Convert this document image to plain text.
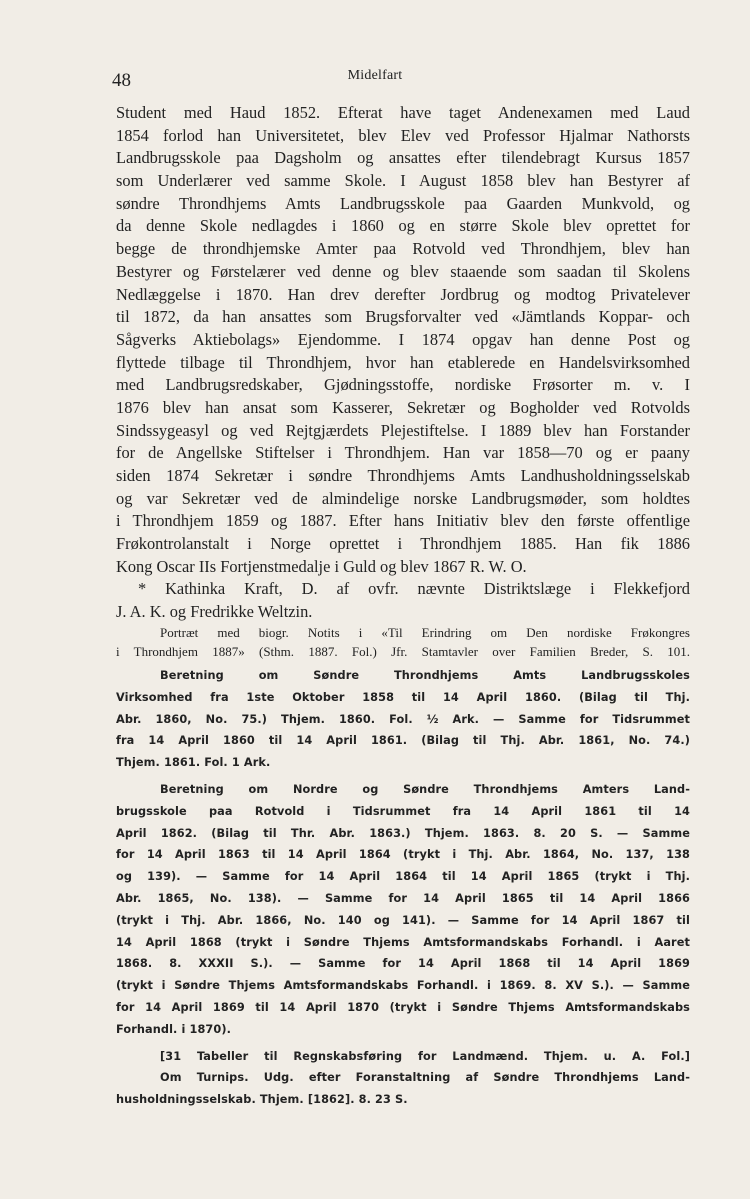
48	Midelfart
Student med Haud 1852. Efterat have taget Andenexamen med Laud
1854 forlod han Universitetet, blev Elev ved Professor Hjalmar Nathorsts
Landbrugsskole paa Dagsholm og ansattes efter tilendebragt Kursus 1857
som Underlærer ved samme Skole. I August 1858 blev han Bestyrer af
søndre Throndhjems Amts Landbrugsskole paa Gaarden Munkvold, og
da denne Skole nedlagdes i 1860 og en større Skole blev oprettet for
begge de throndhjemske Amter paa Rotvold ved Throndhjem, blev han
Bestyrer og Førstelærer ved denne og blev staaende som saadan til Skolens
Nedlæggelse i 1870. Han drev derefter Jordbrug og modtog Privatelever
til 1872, da han ansattes som Brugsforvalter ved «Jämtlands Koppar- och
Sågverks Aktiebolags» Ejendomme. I 1874 opgav han denne Post og
flyttede tilbage til Throndhjem, hvor han etablerede en Handelsvirksomhed
med Landbrugsredskaber, Gjødningsstoffe, nordiske Frøsorter m. v. I
1876 blev han ansat som Kasserer, Sekretær og Bogholder ved Rotvolds
Sindssygeasyl og ved Rejtgjærdets Plejestiftelse. I 1889 blev han Forstander
for de Angellske Stiftelser i Throndhjem. Han var 1858—70 og er paany
siden 1874 Sekretær i søndre Throndhjems Amts Landhusholdningsselskab
og var Sekretær ved de almindelige norske Landbrugsmøder, som holdtes
i Throndhjem 1859 og 1887. Efter hans Initiativ blev den første offentlige
Frøkontrolanstalt i Norge oprettet i Throndhjem 1885. Han fik 1886
Kong Oscar IIs Fortjenstmedalje i Guld og blev 1867 R. W. O.
* Kathinka Kraft, D. af ovfr. nævnte Distriktslæge i Flekkefjord
J. A. K. og Fredrikke Weltzin.
Portræt med biogr. Notits i «Til Erindring om Den nordiske Frøkongres
i Throndhjem 1887» (Sthm. 1887. Fol.) Jfr. Stamtavler over Familien Breder, S. 101.
Beretning om Søndre Throndhjems Amts Landbrugsskoles
Virksomhed fra 1ste Oktober 1858 til 14 April 1860. (Bilag til Thj.
Abr. 1860, No. 75.) Thjem. 1860. Fol. ½ Ark. — Samme for Tidsrummet
fra 14 April 1860 til 14 April 1861. (Bilag til Thj. Abr. 1861, No. 74.)
Thjem. 1861. Fol. 1 Ark.
Beretning om Nordre og Søndre Throndhjems Amters Land-
brugsskole paa Rotvold i Tidsrummet fra 14 April 1861 til 14
April 1862. (Bilag til Thr. Abr. 1863.) Thjem. 1863. 8. 20 S. — Samme
for 14 April 1863 til 14 April 1864 (trykt i Thj. Abr. 1864, No. 137, 138
og 139). — Samme for 14 April 1864 til 14 April 1865 (trykt i Thj.
Abr. 1865, No. 138). — Samme for 14 April 1865 til 14 April 1866
(trykt i Thj. Abr. 1866, No. 140 og 141). — Samme for 14 April 1867 til
14 April 1868 (trykt i Søndre Thjems Amtsformandskabs Forhandl. i Aaret
1868. 8. XXXII S.). — Samme for 14 April 1868 til 14 April 1869
(trykt i Søndre Thjems Amtsformandskabs Forhandl. i 1869. 8. XV S.). — Samme
for 14 April 1869 til 14 April 1870 (trykt i Søndre Thjems Amtsformandskabs
Forhandl. i 1870).
[31 Tabeller til Regnskabsføring for Landmænd. Thjem. u. A. Fol.]
Om Turnips. Udg. efter Foranstaltning af Søndre Throndhjems Land-
husholdningsselskab. Thjem. [1862]. 8. 23 S.
